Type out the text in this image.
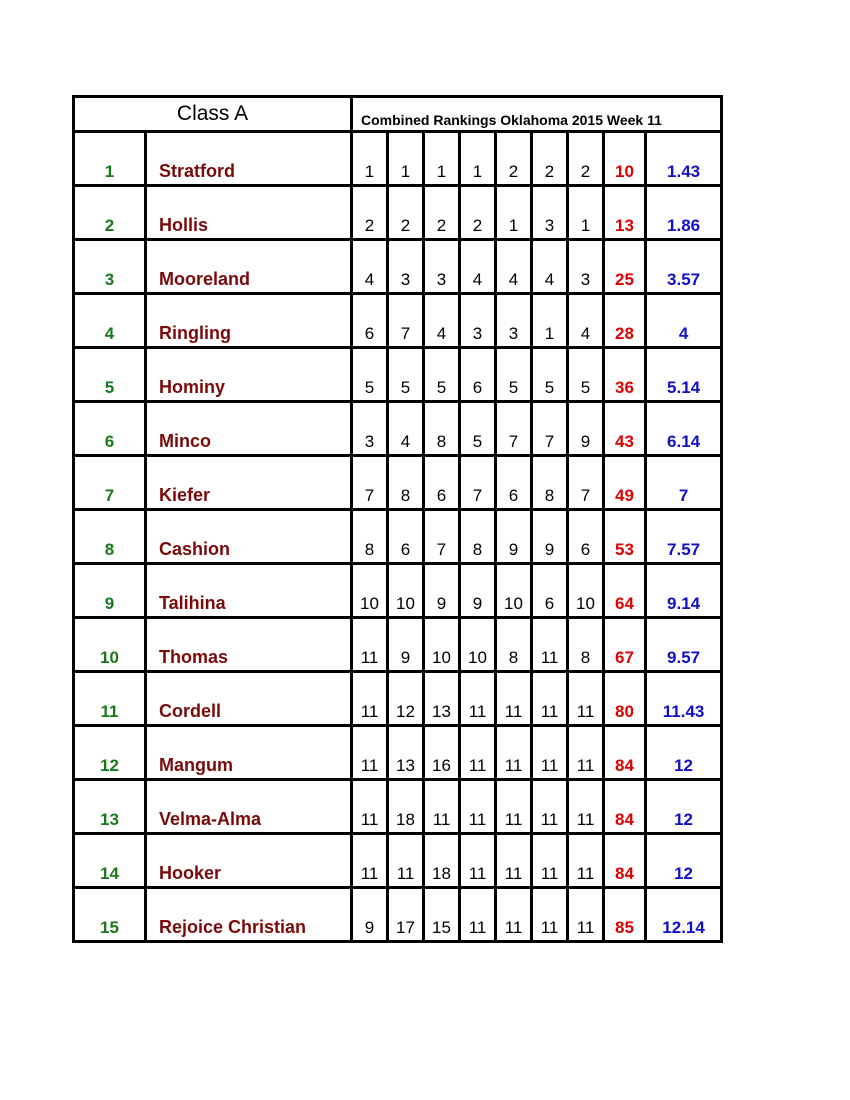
Class A		Combined Rankings Oklahoma 2015 Week 11								
1	Stratford	1	1	1	1	2	2	2	10	1.43
2	Hollis	2	2	2	2	1	3	1	13	1.86
3	Mooreland	4	3	3	4	4	4	3	25	3.57
4	Ringling	6	7	4	3	3	1	4	28	4
5	Hominy	5	5	5	6	5	5	5	36	5.14
6	Minco	3	4	8	5	7	7	9	43	6.14
7	Kiefer	7	8	6	7	6	8	7	49	7
8	Cashion	8	6	7	8	9	9	6	53	7.57
9	Talihina	10	10	9	9	10	6	10	64	9.14
10	Thomas	11	9	10	10	8	11	8	67	9.57
11	Cordell	11	12	13	11	11	11	11	80	11.43
12	Mangum	11	13	16	11	11	11	11	84	12
13	Velma-Alma	11	18	11	11	11	11	11	84	12
14	Hooker	11	11	18	11	11	11	11	84	12
15	Rejoice Christian	9	17	15	11	11	11	11	85	12.14
